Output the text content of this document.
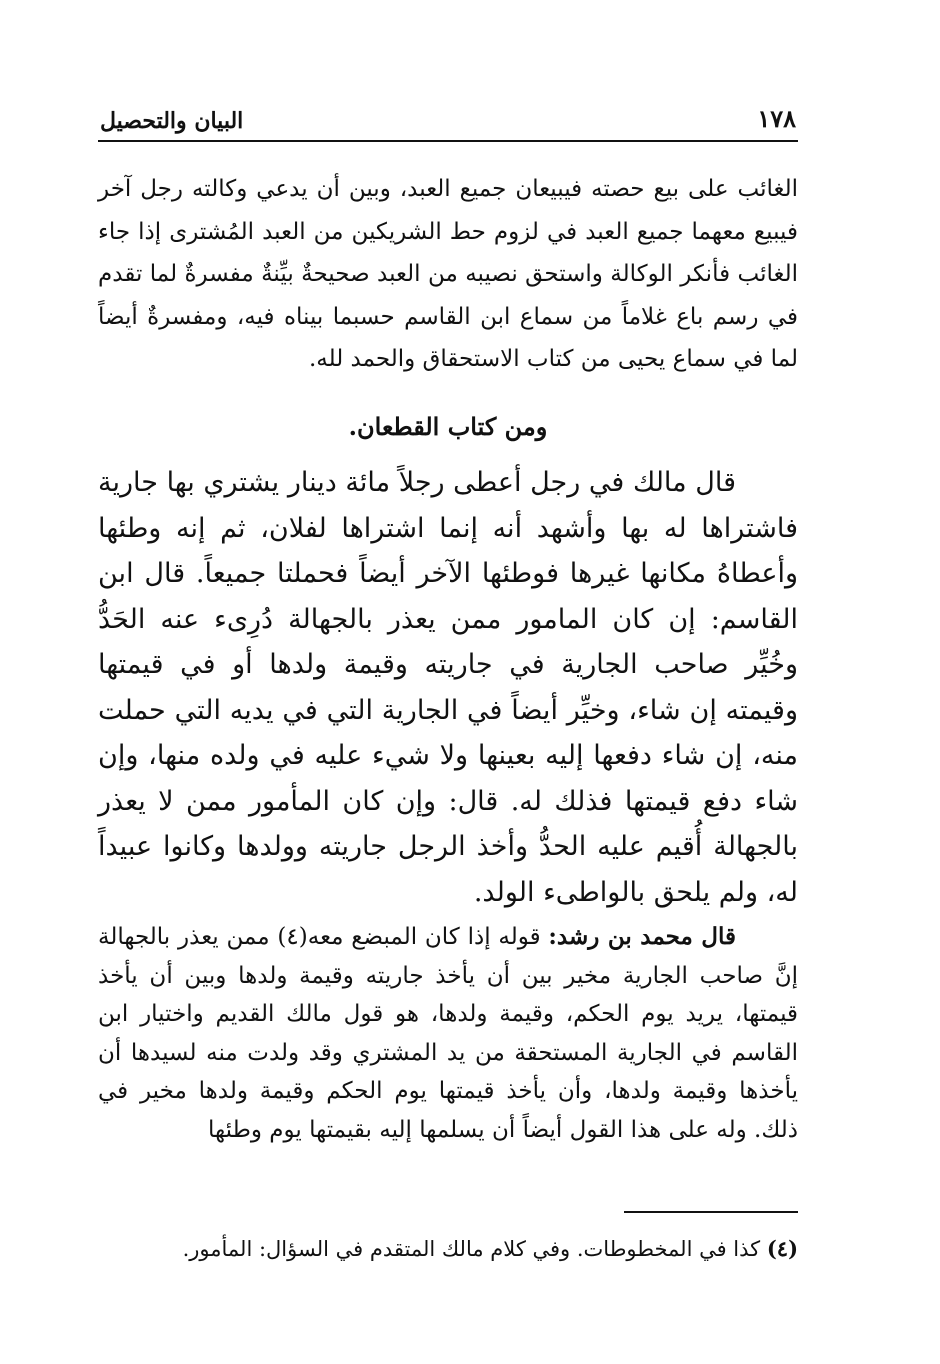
١٧٨
البيان والتحصيل

الغائب على بيع حصته فيبيعان جميع العبد، وبين أن يدعي وكالته رجل آخر فيبيع معهما جميع العبد في لزوم حط الشريكين من العبد المُشترى إذا جاء الغائب فأنكر الوكالة واستحق نصيبه من العبد صحيحةٌ بيِّنةٌ مفسرةٌ لما تقدم في رسم باع غلاماً من سماع ابن القاسم حسبما بيناه فيه، ومفسرةٌ أيضاً لما في سماع يحيى من كتاب الاستحقاق والحمد لله.

ومن كتاب القطعان.

قال مالك في رجل أعطى رجلاً مائة دينار يشتري بها جارية فاشتراها له بها وأشهد أنه إنما اشتراها لفلان، ثم إنه وطئها وأعطاهُ مكانها غيرها فوطئها الآخر أيضاً فحملتا جميعاً. قال ابن القاسم: إن كان المامور ممن يعذر بالجهالة دُرِىء عنه الحَدُّ وخُيِّر صاحب الجارية في جاريته وقيمة ولدها أو في قيمتها وقيمته إن شاء، وخيِّر أيضاً في الجارية التي في يديه التي حملت منه، إن شاء دفعها إليه بعينها ولا شيء عليه في ولده منها، وإن شاء دفع قيمتها فذلك له. قال: وإن كان المأمور ممن لا يعذر بالجهالة أُقيم عليه الحدُّ وأخذ الرجل جاريته وولدها وكانوا عبيداً له، ولم يلحق بالواطىء الولد.

قال محمد بن رشد: قوله إذا كان المبضع معه(٤) ممن يعذر بالجهالة إنَّ صاحب الجارية مخير بين أن يأخذ جاريته وقيمة ولدها وبين أن يأخذ قيمتها، يريد يوم الحكم، وقيمة ولدها، هو قول مالك القديم واختيار ابن القاسم في الجارية المستحقة من يد المشتري وقد ولدت منه لسيدها أن يأخذها وقيمة ولدها، وأن يأخذ قيمتها يوم الحكم وقيمة ولدها مخير في ذلك. وله على هذا القول أيضاً أن يسلمها إليه بقيمتها يوم وطئها

(٤) كذا في المخطوطات. وفي كلام مالك المتقدم في السؤال: المأمور.
